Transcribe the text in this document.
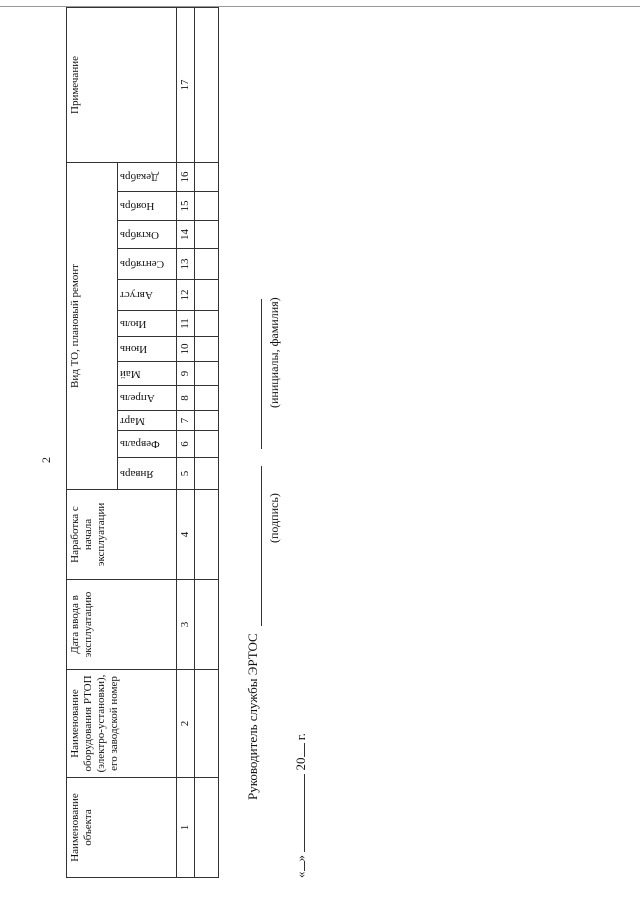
2
Наименование объекта	Наименование оборудования РТОП (электро-установки), его заводской номер	Дата ввода в эксплуатацию	Наработка с начала эксплуатации	Вид ТО, плановый ремонт												Примечание

				Январь	Февраль	Март	Апрель	Май	Июнь	Июль	Август	Сентябрь	Октябрь	Ноябрь	Декабрь	

1	2	3	4	5	6	7	8	9	10	11	12	13	14	15	16	17

Руководитель службы ЭРТОС
(подпись)
(инициалы, фамилия)
«»  20 г.
